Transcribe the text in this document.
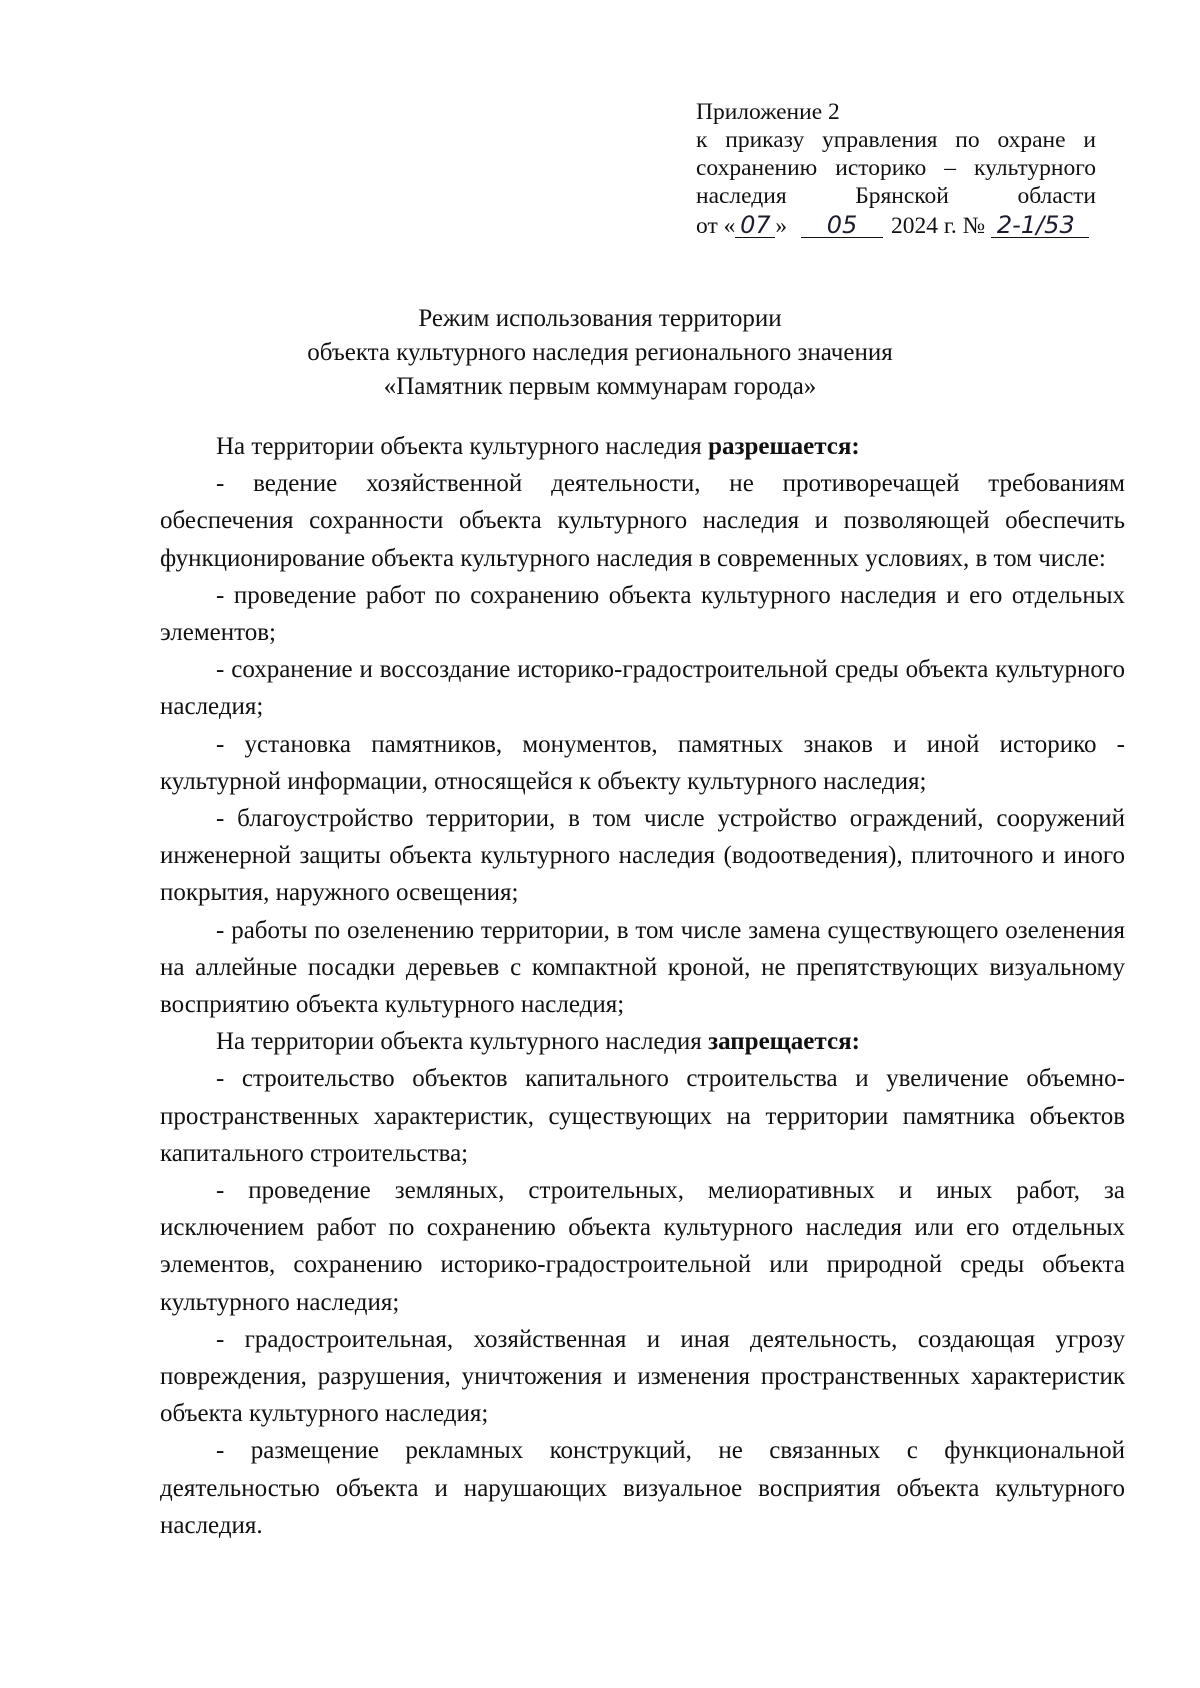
Приложение 2
к приказу управления по охране и сохранению историко – культурного наследия Брянской области
от « 07 » 05 2024 г. № 2-1/53
Режим использования территории
объекта культурного наследия регионального значения
«Памятник первым коммунарам города»

На территории объекта культурного наследия разрешается:

- ведение хозяйственной деятельности, не противоречащей требованиям обеспечения сохранности объекта культурного наследия и позволяющей обеспечить функционирование объекта культурного наследия в современных условиях, в том числе:

- проведение работ по сохранению объекта культурного наследия и его отдельных элементов;

- сохранение и воссоздание историко-градостроительной среды объекта культурного наследия;

- установка памятников, монументов, памятных знаков и иной историко - культурной информации, относящейся к объекту культурного наследия;

- благоустройство территории, в том числе устройство ограждений, сооружений инженерной защиты объекта культурного наследия (водоотведения), плиточного и иного покрытия, наружного освещения;

- работы по озеленению территории, в том числе замена существующего озеленения на аллейные посадки деревьев с компактной кроной, не препятствующих визуальному восприятию объекта культурного наследия;

На территории объекта культурного наследия запрещается:

- строительство объектов капитального строительства и увеличение объемно-пространственных характеристик, существующих на территории памятника объектов капитального строительства;

- проведение земляных, строительных, мелиоративных и иных работ, за исключением работ по сохранению объекта культурного наследия или его отдельных элементов, сохранению историко-градостроительной или природной среды объекта культурного наследия;

- градостроительная, хозяйственная и иная деятельность, создающая угрозу повреждения, разрушения, уничтожения и изменения пространственных характеристик объекта культурного наследия;

- размещение рекламных конструкций, не связанных с функциональной деятельностью объекта и нарушающих визуальное восприятия объекта культурного наследия.
